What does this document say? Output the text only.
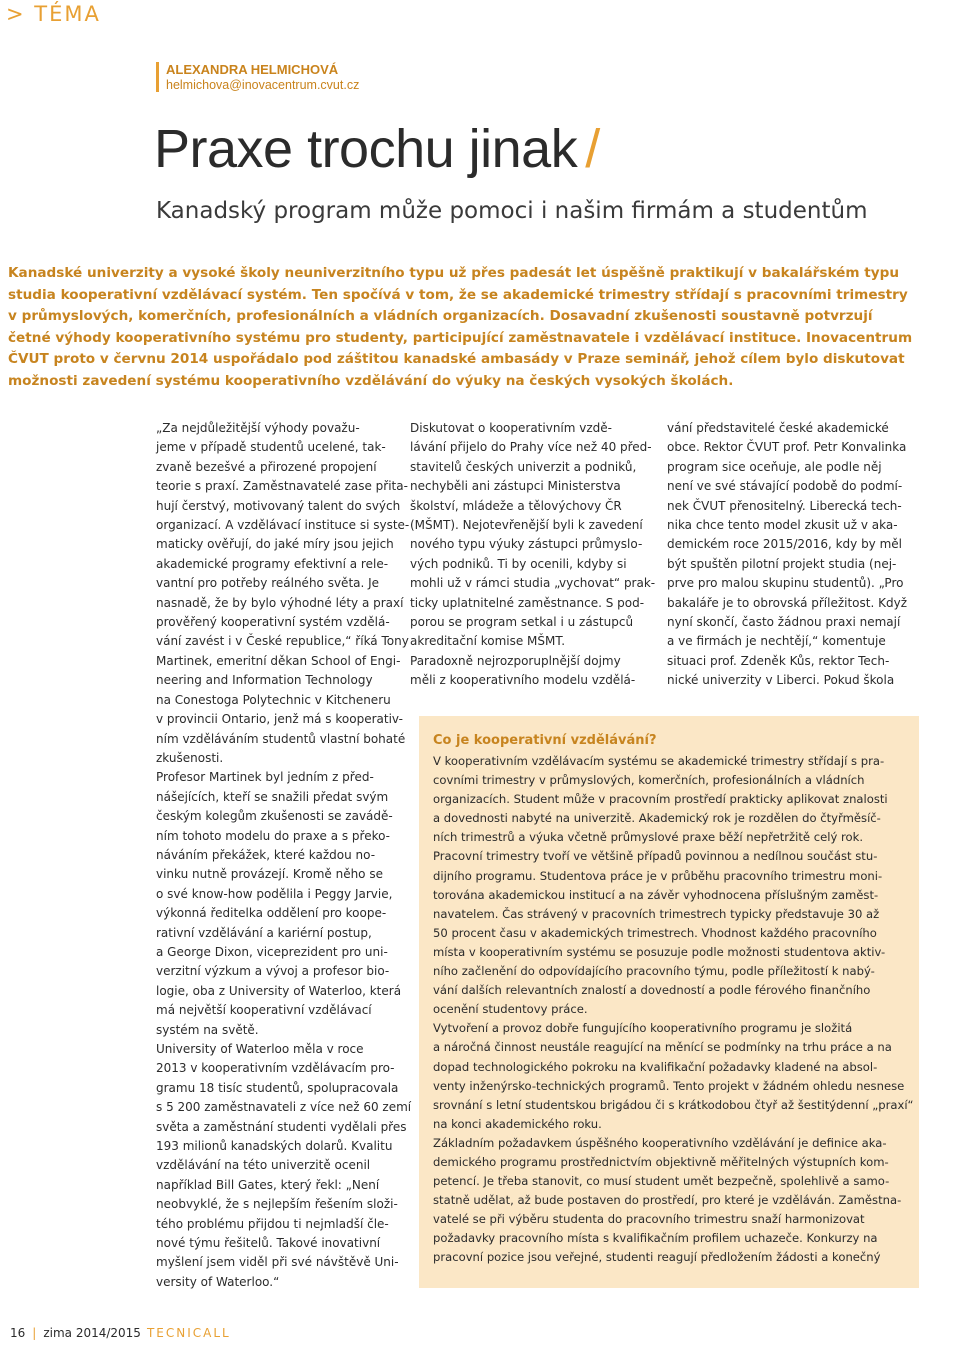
> TÉMA
ALEXANDRA HELMICHOVÁ
helmichova@inovacentrum.cvut.cz
Praxe trochu jinak /
Kanadský program může pomoci i našim firmám a studentům
Kanadské univerzity a vysoké školy neuniverzitního typu už přes padesát let úspěšně praktikují v bakalářském typu
studia kooperativní vzdělávací systém. Ten spočívá v tom, že se akademické trimestry střídají s pracovními trimestry
v průmyslových, komerčních, profesionálních a vládních organizacích. Dosavadní zkušenosti soustavně potvrzují
četné výhody kooperativního systému pro studenty, participující zaměstnavatele i vzdělávací instituce. Inovacentrum
ČVUT proto v červnu 2014 uspořádalo pod záštitou kanadské ambasády v Praze seminář, jehož cílem bylo diskutovat
možnosti zavedení systému kooperativního vzdělávání do výuky na českých vysokých školách.
„Za nejdůležitější výhody považu-
jeme v případě studentů ucelené, tak-
zvaně bezešvé a přirozené propojení
teorie s praxí. Zaměstnavatelé zase přita-
hují čerstvý, motivovaný talent do svých
organizací. A vzdělávací instituce si syste-
maticky ověřují, do jaké míry jsou jejich
akademické programy efektivní a rele-
vantní pro potřeby reálného světa. Je
nasnadě, že by bylo výhodné léty a praxí
prověřený kooperativní systém vzdělá-
vání zavést i v České republice,“ říká Tony
Martinek, emeritní děkan School of Engi-
neering and Information Technology
na Conestoga Polytechnic v Kitcheneru
v provincii Ontario, jenž má s kooperativ-
ním vzděláváním studentů vlastní bohaté
zkušenosti.
Profesor Martinek byl jedním z před-
nášejících, kteří se snažili předat svým
českým kolegům zkušenosti se zavádě-
ním tohoto modelu do praxe a s překo-
náváním překážek, které každou no-
vinku nutně provázejí. Kromě něho se
o své know-how podělila i Peggy Jarvie,
výkonná ředitelka oddělení pro koope-
rativní vzdělávání a kariérní postup,
a George Dixon, viceprezident pro uni-
verzitní výzkum a vývoj a profesor bio-
logie, oba z University of Waterloo, která
má největší kooperativní vzdělávací
systém na světě.
University of Waterloo měla v roce
2013 v kooperativním vzdělávacím pro-
gramu 18 tisíc studentů, spolupracovala
s 5 200 zaměstnavateli z více než 60 zemí
světa a zaměstnání studenti vydělali přes
193 milionů kanadských dolarů. Kvalitu
vzdělávání na této univerzitě ocenil
například Bill Gates, který řekl: „Není
neobvyklé, že s nejlepším řešením složi-
tého problému přijdou ti nejmladší čle-
nové týmu řešitelů. Takové inovativní
myšlení jsem viděl při své návštěvě Uni-
versity of Waterloo.“
Diskutovat o kooperativním vzdě-
lávání přijelo do Prahy více než 40 před-
stavitelů českých univerzit a podniků,
nechyběli ani zástupci Ministerstva
školství, mládeže a tělovýchovy ČR
(MŠMT). Nejotevřenější byli k zavedení
nového typu výuky zástupci průmyslo-
vých podniků. Ti by ocenili, kdyby si
mohli už v rámci studia „vychovat“ prak-
ticky uplatnitelné zaměstnance. S pod-
porou se program setkal i u zástupců
akreditační komise MŠMT.
Paradoxně nejrozporuplnější dojmy
měli z kooperativního modelu vzdělá-
vání představitelé české akademické
obce. Rektor ČVUT prof. Petr Konvalinka
program sice oceňuje, ale podle něj
není ve své stávající podobě do podmí-
nek ČVUT přenositelný. Liberecká tech-
nika chce tento model zkusit už v aka-
demickém roce 2015/2016, kdy by měl
být spuštěn pilotní projekt studia (nej-
prve pro malou skupinu studentů). „Pro
bakaláře je to obrovská příležitost. Když
nyní skončí, často žádnou praxi nemají
a ve firmách je nechtějí,“ komentuje
situaci prof. Zdeněk Kůs, rektor Tech-
nické univerzity v Liberci. Pokud škola
Co je kooperativní vzdělávání?
V kooperativním vzdělávacím systému se akademické trimestry střídají s pra-
covními trimestry v průmyslových, komerčních, profesionálních a vládních
organizacích. Student může v pracovním prostředí prakticky aplikovat znalosti
a dovednosti nabyté na univerzitě. Akademický rok je rozdělen do čtyřměsíč-
ních trimestrů a výuka včetně průmyslové praxe běží nepřetržitě celý rok.
Pracovní trimestry tvoří ve většině případů povinnou a nedílnou součást stu-
dijního programu. Studentova práce je v průběhu pracovního trimestru moni-
torována akademickou institucí a na závěr vyhodnocena příslušným zaměst-
navatelem. Čas strávený v pracovních trimestrech typicky představuje 30 až
50 procent času v akademických trimestrech. Vhodnost každého pracovního
místa v kooperativním systému se posuzuje podle možnosti studentova aktiv-
ního začlenění do odpovídajícího pracovního týmu, podle příležitostí k nabý-
vání dalších relevantních znalostí a dovedností a podle férového finančního
ocenění studentovy práce.
Vytvoření a provoz dobře fungujícího kooperativního programu je složitá
a náročná činnost neustále reagující na měnící se podmínky na trhu práce a na
dopad technologického pokroku na kvalifikační požadavky kladené na absol-
venty inženýrsko-technických programů. Tento projekt v žádném ohledu nesnese
srovnání s letní studentskou brigádou či s krátkodobou čtyř až šestitýdenní „praxí“
na konci akademického roku.
Základním požadavkem úspěšného kooperativního vzdělávání je definice aka-
demického programu prostřednictvím objektivně měřitelných výstupních kom-
petencí. Je třeba stanovit, co musí student umět bezpečně, spolehlivě a samo-
statně udělat, až bude postaven do prostředí, pro které je vzděláván. Zaměstna-
vatelé se při výběru studenta do pracovního trimestru snaží harmonizovat
požadavky pracovního místa s kvalifikačním profilem uchazeče. Konkurzy na
pracovní pozice jsou veřejné, studenti reagují předložením žádosti a konečný
16 | zima 2014/2015 TECNICALL
